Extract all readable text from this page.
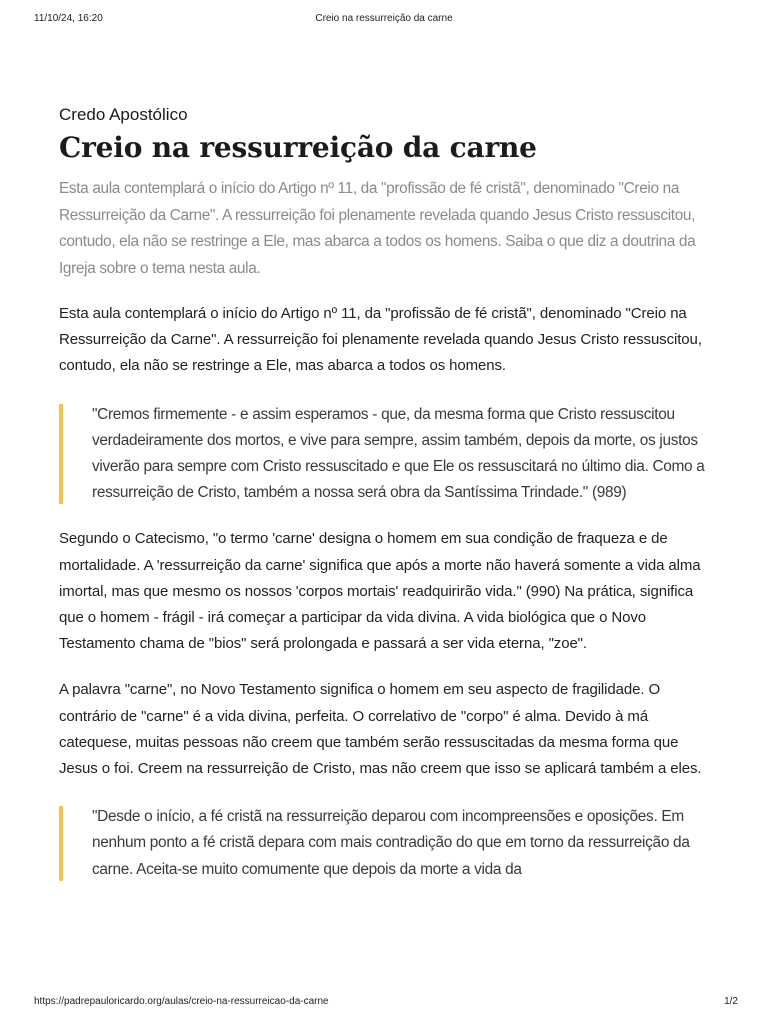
11/10/24, 16:20	Creio na ressurreição da carne

Credo Apostólico

Creio na ressurreição da carne

Esta aula contemplará o início do Artigo nº 11, da "profissão de fé cristã", denominado "Creio na Ressurreição da Carne". A ressurreição foi plenamente revelada quando Jesus Cristo ressuscitou, contudo, ela não se restringe a Ele, mas abarca a todos os homens. Saiba o que diz a doutrina da Igreja sobre o tema nesta aula.

Esta aula contemplará o início do Artigo nº 11, da "profissão de fé cristã", denominado "Creio na Ressurreição da Carne". A ressurreição foi plenamente revelada quando Jesus Cristo ressuscitou, contudo, ela não se restringe a Ele, mas abarca a todos os homens.

"Cremos firmemente - e assim esperamos - que, da mesma forma que Cristo ressuscitou verdadeiramente dos mortos, e vive para sempre, assim também, depois da morte, os justos viverão para sempre com Cristo ressuscitado e que Ele os ressuscitará no último dia. Como a ressurreição de Cristo, também a nossa será obra da Santíssima Trindade." (989)

Segundo o Catecismo, "o termo 'carne' designa o homem em sua condição de fraqueza e de mortalidade. A 'ressurreição da carne' significa que após a morte não haverá somente a vida alma imortal, mas que mesmo os nossos 'corpos mortais' readquirirão vida." (990) Na prática, significa que o homem - frágil - irá começar a participar da vida divina. A vida biológica que o Novo Testamento chama de "bios" será prolongada e passará a ser vida eterna, "zoe".

A palavra "carne", no Novo Testamento significa o homem em seu aspecto de fragilidade. O contrário de "carne" é a vida divina, perfeita. O correlativo de "corpo" é alma. Devido à má catequese, muitas pessoas não creem que também serão ressuscitadas da mesma forma que Jesus o foi. Creem na ressurreição de Cristo, mas não creem que isso se aplicará também a eles.

"Desde o início, a fé cristã na ressurreição deparou com incompreensões e oposições. Em nenhum ponto a fé cristã depara com mais contradição do que em torno da ressurreição da carne. Aceita-se muito comumente que depois da morte a vida da

https://padrepauloricardo.org/aulas/creio-na-ressurreicao-da-carne	1/2
